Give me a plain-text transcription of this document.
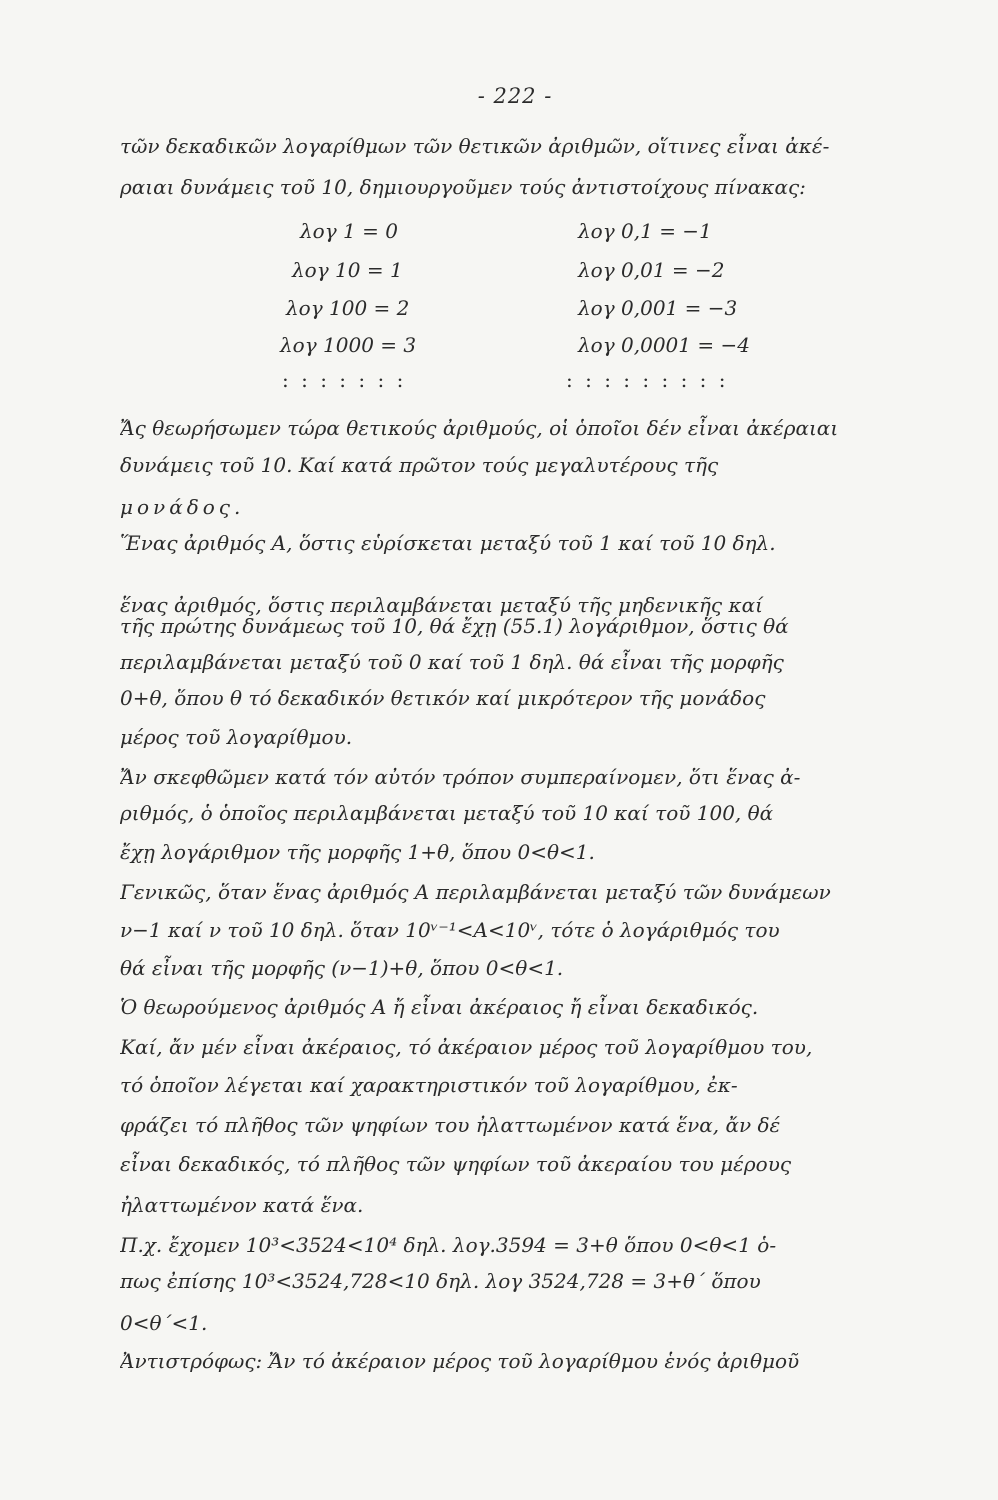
- 222 -
τῶν δεκαδικῶν λογαρίθμων τῶν θετικῶν ἀριθμῶν, οἵτινες εἶναι ἀκέ-
ραιαι δυνάμεις τοῦ 10, δημιουργοῦμεν τούς ἀντιστοίχους πίνακας:
λογ 1 = 0
λογ 10 = 1
λογ 100 = 2
λογ 1000 = 3
λογ 0,1 = −1
λογ 0,01 = −2
λογ 0,001 = −3
λογ 0,0001 = −4
: : : : : : :	: : : : : : : : :
Ἄς θεωρήσωμεν τώρα θετικούς ἀριθμούς, οἱ ὁποῖοι δέν εἶναι ἀκέραιαι
δυνάμεις τοῦ 10. Καί κατά πρῶτον τούς μεγαλυτέρους τῆς
μονάδος.
Ἕνας ἀριθμός Α, ὅστις εὑρίσκεται μεταξύ τοῦ 1 καί τοῦ 10 δηλ.
ἕνας ἀριθμός, ὅστις περιλαμβάνεται μεταξύ τῆς μηδενικῆς καί
τῆς πρώτης δυνάμεως τοῦ 10, θά ἔχῃ (55.1) λογάριθμον, ὅστις θά
περιλαμβάνεται μεταξύ τοῦ 0 καί τοῦ 1 δηλ. θά εἶναι τῆς μορφῆς
0+θ, ὅπου θ τό δεκαδικόν θετικόν καί μικρότερον τῆς μονάδος
μέρος τοῦ λογαρίθμου.
Ἄν σκεφθῶμεν κατά τόν αὐτόν τρόπον συμπεραίνομεν, ὅτι ἕνας ἀ-
ριθμός, ὁ ὁποῖος περιλαμβάνεται μεταξύ τοῦ 10 καί τοῦ 100, θά
ἔχῃ λογάριθμον τῆς μορφῆς 1+θ, ὅπου 0<θ<1.
Γενικῶς, ὅταν ἕνας ἀριθμός Α περιλαμβάνεται μεταξύ τῶν δυνάμεων
ν−1 καί ν τοῦ 10 δηλ. ὅταν 10ᵛ⁻¹<Α<10ᵛ, τότε ὁ λογάριθμός του
θά εἶναι τῆς μορφῆς (ν−1)+θ, ὅπου 0<θ<1.
Ὁ θεωρούμενος ἀριθμός Α ἤ εἶναι ἀκέραιος ἤ εἶναι δεκαδικός.
Καί, ἄν μέν εἶναι ἀκέραιος, τό ἀκέραιον μέρος τοῦ λογαρίθμου του,
τό ὁποῖον λέγεται καί χαρακτηριστικόν τοῦ λογαρίθμου, ἐκ-
φράζει τό πλῆθος τῶν ψηφίων του ἠλαττωμένον κατά ἕνα, ἄν δέ
εἶναι δεκαδικός, τό πλῆθος τῶν ψηφίων τοῦ ἀκεραίου του μέρους
ἠλαττωμένον κατά ἕνα.
Π.χ. ἔχομεν 10³<3524<10⁴ δηλ. λογ.3594 = 3+θ ὅπου 0<θ<1 ὁ-
πως ἐπίσης 10³<3524,728<10 δηλ. λογ 3524,728 = 3+θ΄ ὅπου
0<θ΄<1.
Ἀντιστρόφως: Ἄν τό ἀκέραιον μέρος τοῦ λογαρίθμου ἑνός ἀριθμοῦ
